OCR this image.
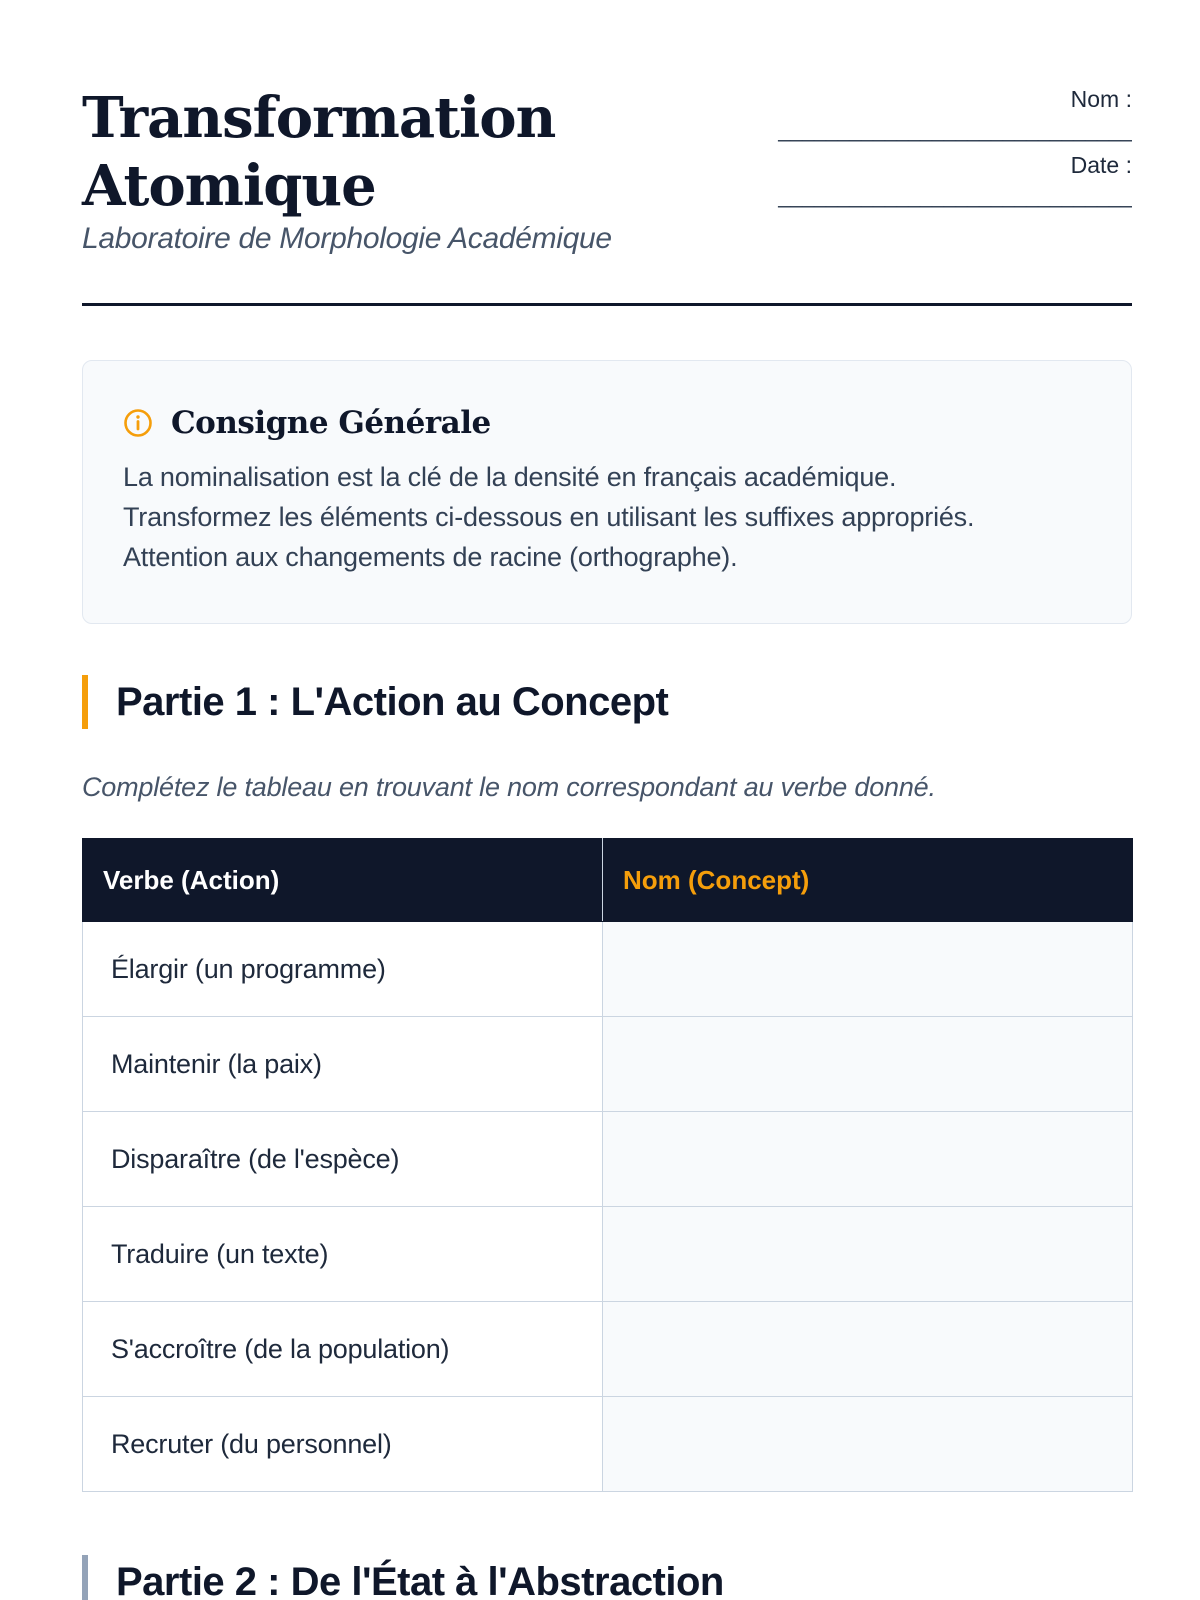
Transformation
Atomique
Laboratoire de Morphologie Académique
Nom :
______________________________
Date :
______________________________
Consigne Générale
La nominalisation est la clé de la densité en français académique.
Transformez les éléments ci-dessous en utilisant les suffixes appropriés.
Attention aux changements de racine (orthographe).
Partie 1 : L'Action au Concept
Complétez le tableau en trouvant le nom correspondant au verbe donné.
Verbe (Action)	Nom (Concept)
Élargir (un programme)	
Maintenir (la paix)	
Disparaître (de l'espèce)	
Traduire (un texte)	
S'accroître (de la population)	
Recruter (du personnel)	
Partie 2 : De l'État à l'Abstraction
